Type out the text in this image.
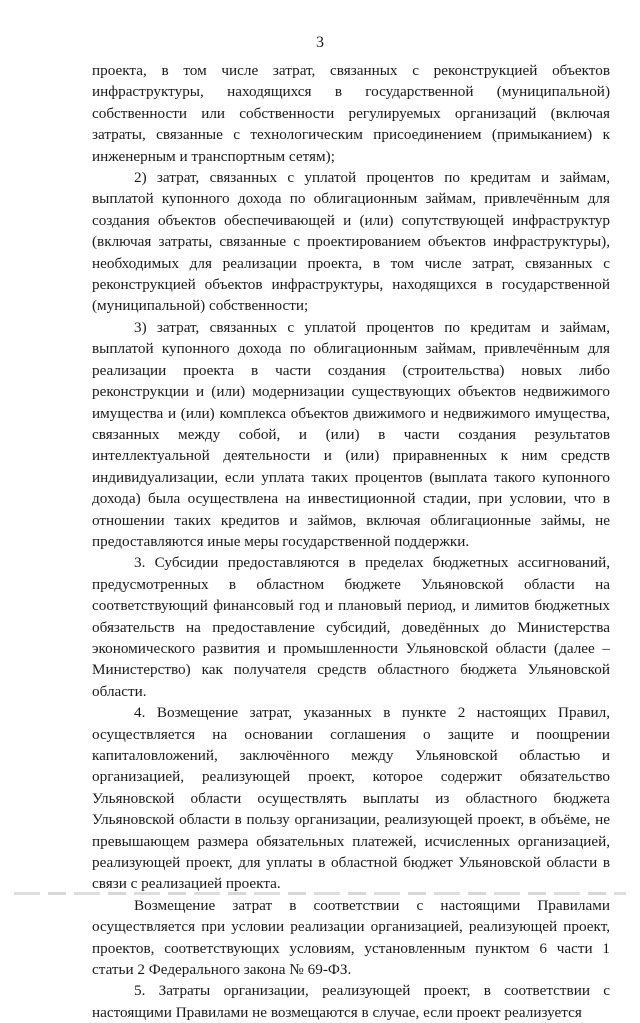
3

проекта, в том числе затрат, связанных с реконструкцией объектов инфраструктуры, находящихся в государственной (муниципальной) собственности или собственности регулируемых организаций (включая затраты, связанные с технологическим присоединением (примыканием) к инженерным и транспортным сетям);

2) затрат, связанных с уплатой процентов по кредитам и займам, выплатой купонного дохода по облигационным займам, привлечённым для создания объектов обеспечивающей и (или) сопутствующей инфраструктур (включая затраты, связанные с проектированием объектов инфраструктуры), необходимых для реализации проекта, в том числе затрат, связанных с реконструкцией объектов инфраструктуры, находящихся в государственной (муниципальной) собственности;

3) затрат, связанных с уплатой процентов по кредитам и займам, выплатой купонного дохода по облигационным займам, привлечённым для реализации проекта в части создания (строительства) новых либо реконструкции и (или) модернизации существующих объектов недвижимого имущества и (или) комплекса объектов движимого и недвижимого имущества, связанных между собой, и (или) в части создания результатов интеллектуальной деятельности и (или) приравненных к ним средств индивидуализации, если уплата таких процентов (выплата такого купонного дохода) была осуществлена на инвестиционной стадии, при условии, что в отношении таких кредитов и займов, включая облигационные займы, не предоставляются иные меры государственной поддержки.

3. Субсидии предоставляются в пределах бюджетных ассигнований, предусмотренных в областном бюджете Ульяновской области на соответствующий финансовый год и плановый период, и лимитов бюджетных обязательств на предоставление субсидий, доведённых до Министерства экономического развития и промышленности Ульяновской области (далее – Министерство) как получателя средств областного бюджета Ульяновской области.

4. Возмещение затрат, указанных в пункте 2 настоящих Правил, осуществляется на основании соглашения о защите и поощрении капиталовложений, заключённого между Ульяновской областью и организацией, реализующей проект, которое содержит обязательство Ульяновской области осуществлять выплаты из областного бюджета Ульяновской области в пользу организации, реализующей проект, в объёме, не превышающем размера обязательных платежей, исчисленных организацией, реализующей проект, для уплаты в областной бюджет Ульяновской области в связи с реализацией проекта.

Возмещение затрат в соответствии с настоящими Правилами осуществляется при условии реализации организацией, реализующей проект, проектов, соответствующих условиям, установленным пунктом 6 части 1 статьи 2 Федерального закона № 69-ФЗ.

5. Затраты организации, реализующей проект, в соответствии с настоящими Правилами не возмещаются в случае, если проект реализуется
